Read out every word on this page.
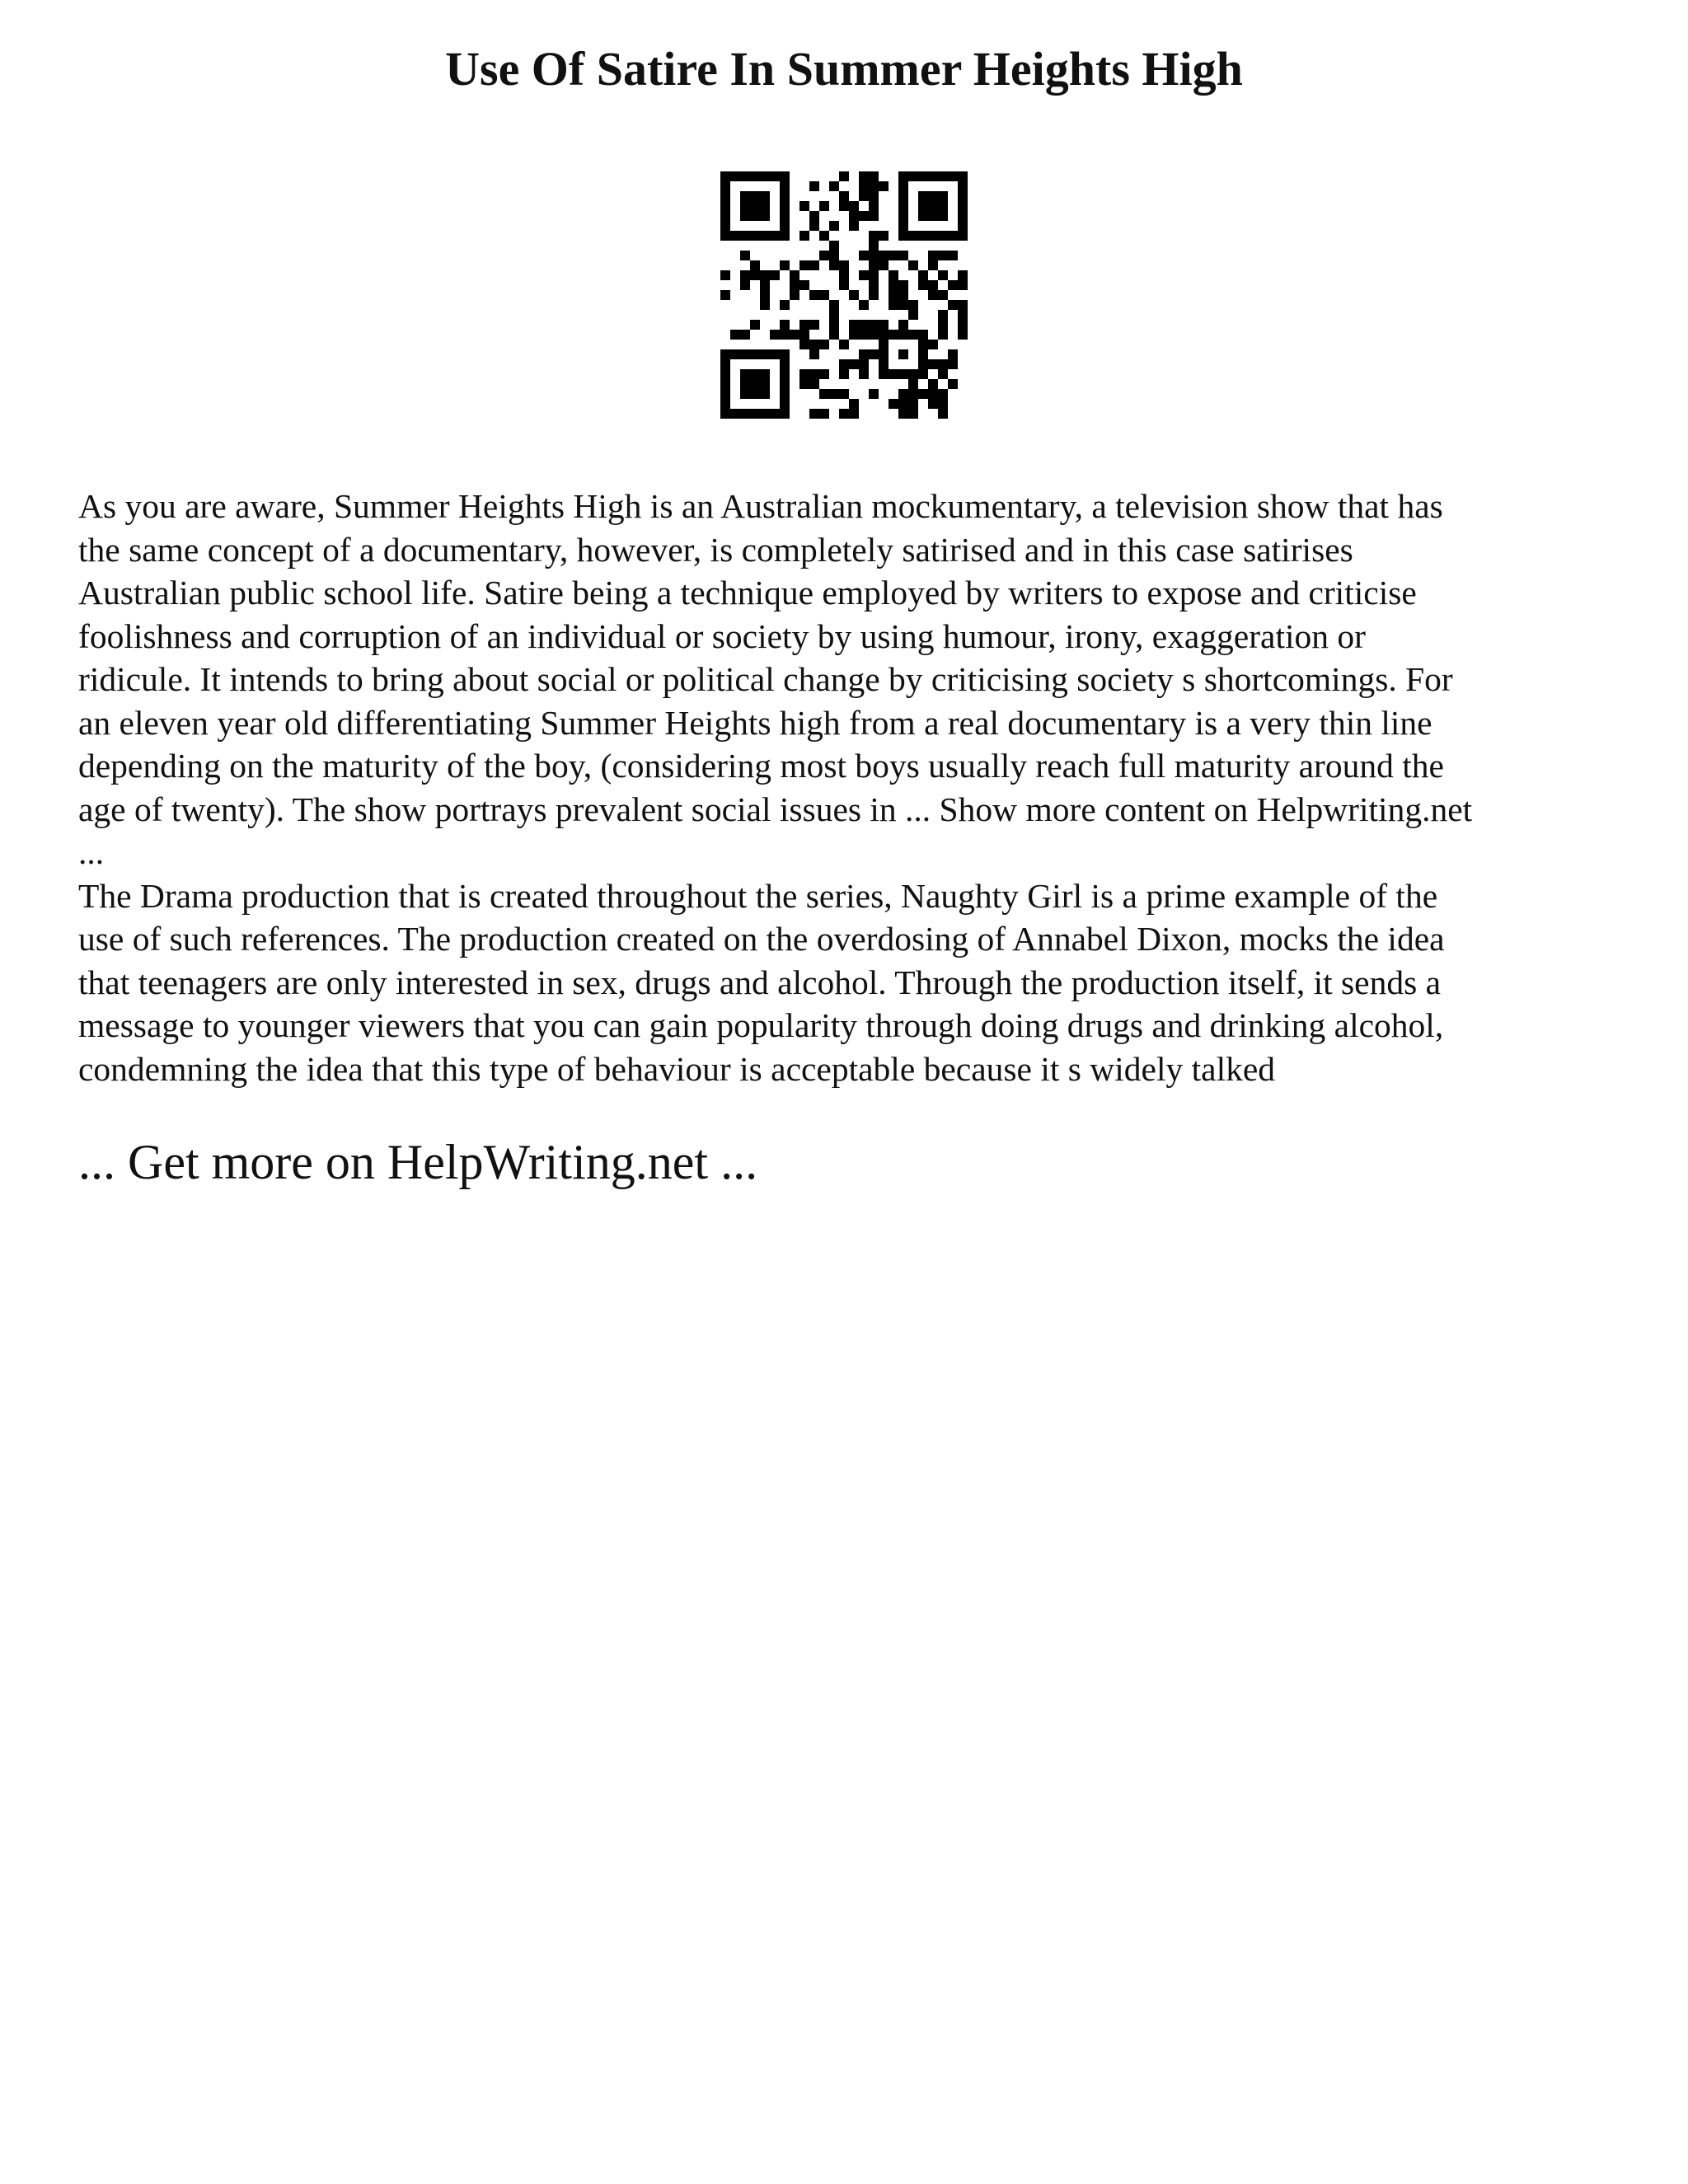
Use Of Satire In Summer Heights High

As you are aware, Summer Heights High is an Australian mockumentary, a television show that has
the same concept of a documentary, however, is completely satirised and in this case satirises
Australian public school life. Satire being a technique employed by writers to expose and criticise
foolishness and corruption of an individual or society by using humour, irony, exaggeration or
ridicule. It intends to bring about social or political change by criticising society s shortcomings. For
an eleven year old differentiating Summer Heights high from a real documentary is a very thin line
depending on the maturity of the boy, (considering most boys usually reach full maturity around the
age of twenty). The show portrays prevalent social issues in ... Show more content on Helpwriting.net
...

The Drama production that is created throughout the series, Naughty Girl is a prime example of the
use of such references. The production created on the overdosing of Annabel Dixon, mocks the idea
that teenagers are only interested in sex, drugs and alcohol. Through the production itself, it sends a
message to younger viewers that you can gain popularity through doing drugs and drinking alcohol,
condemning the idea that this type of behaviour is acceptable because it s widely talked

... Get more on HelpWriting.net ...
